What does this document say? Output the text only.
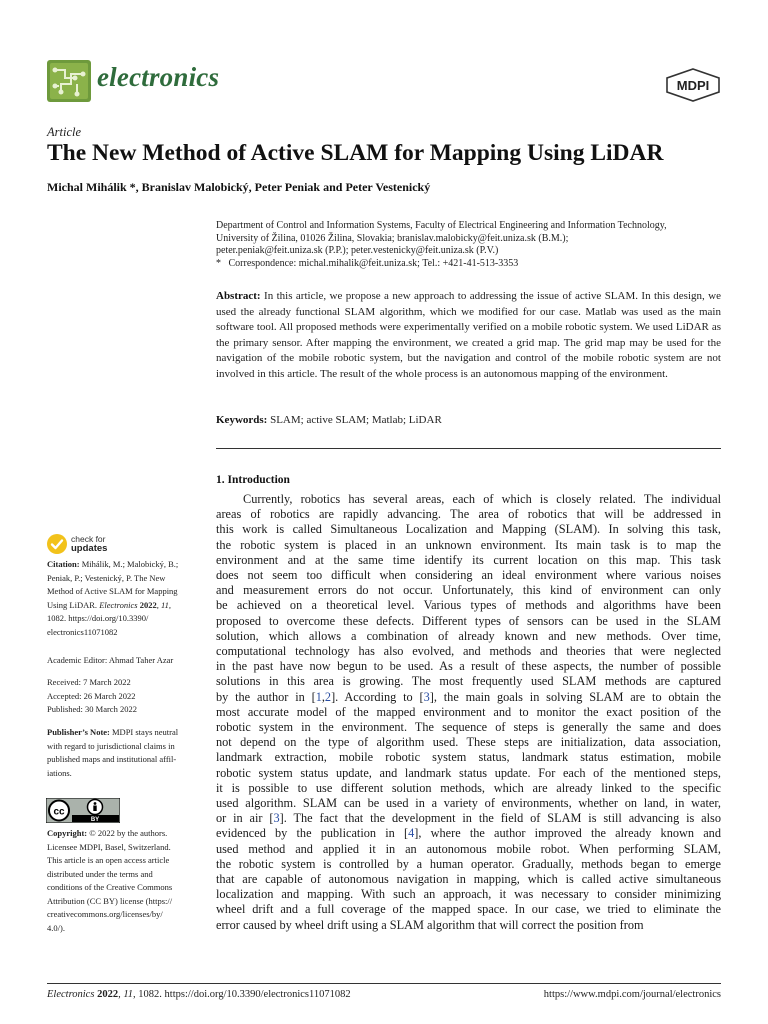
electronics	MDPI
Article
The New Method of Active SLAM for Mapping Using LiDAR
Michal Mihálik *, Branislav Malobický, Peter Peniak and Peter Vestenický
Department of Control and Information Systems, Faculty of Electrical Engineering and Information Technology,
University of Žilina, 01026 Žilina, Slovakia; branislav.malobicky@feit.uniza.sk (B.M.);
peter.peniak@feit.uniza.sk (P.P.); peter.vestenicky@feit.uniza.sk (P.V.)
* Correspondence: michal.mihalik@feit.uniza.sk; Tel.: +421-41-513-3353
Abstract: In this article, we propose a new approach to addressing the issue of active SLAM. In this design, we used the already functional SLAM algorithm, which we modified for our case. Matlab was used as the main software tool. All proposed methods were experimentally verified on a mobile robotic system. We used LiDAR as the primary sensor. After mapping the environment, we created a grid map. The grid map may be used for the navigation of the mobile robotic system, but the navigation and control of the mobile robotic system are not involved in this article. The result of the whole process is an autonomous mapping of the environment.
Keywords: SLAM; active SLAM; Matlab; LiDAR
1. Introduction
Currently, robotics has several areas, each of which is closely related. The individual
areas of robotics are rapidly advancing. The area of robotics that will be addressed in
this work is called Simultaneous Localization and Mapping (SLAM). In solving this task,
the robotic system is placed in an unknown environment. Its main task is to map the
environment and at the same time identify its current location on this map. This task
does not seem too difficult when considering an ideal environment where various noises
and measurement errors do not occur. Unfortunately, this kind of environment can only
be achieved on a theoretical level. Various types of methods and algorithms have been
proposed to overcome these defects. Different types of sensors can be used in the SLAM
solution, which allows a combination of already known and new methods. Over time,
computational technology has also evolved, and methods and theories that were neglected
in the past have now begun to be used. As a result of these aspects, the number of possible
solutions in this area is growing. The most frequently used SLAM methods are captured
by the author in [1,2]. According to [3], the main goals in solving SLAM are to obtain the
most accurate model of the mapped environment and to monitor the exact position of the
robotic system in the environment. The sequence of steps is generally the same and does
not depend on the type of algorithm used. These steps are initialization, data association,
landmark extraction, mobile robotic system status, landmark status estimation, mobile
robotic system status update, and landmark status update. For each of the mentioned steps,
it is possible to use different solution methods, which are already linked to the specific
used algorithm. SLAM can be used in a variety of environments, whether on land, in water,
or in air [3]. The fact that the development in the field of SLAM is still advancing is also
evidenced by the publication in [4], where the author improved the already known and
used method and applied it in an autonomous mobile robot. When performing SLAM,
the robotic system is controlled by a human operator. Gradually, methods began to emerge
that are capable of autonomous navigation in mapping, which is called active simultaneous
localization and mapping. With such an approach, it was necessary to consider minimizing
wheel drift and a full coverage of the mapped space. In our case, we tried to eliminate the
error caused by wheel drift using a SLAM algorithm that will correct the position from
check for
updates
Citation: Mihálik, M.; Malobický, B.;
Peniak, P.; Vestenický, P. The New
Method of Active SLAM for Mapping
Using LiDAR. Electronics 2022, 11,
1082. https://doi.org/10.3390/
electronics11071082
Academic Editor: Ahmad Taher Azar
Received: 7 March 2022
Accepted: 26 March 2022
Published: 30 March 2022
Publisher’s Note: MDPI stays neutral
with regard to jurisdictional claims in
published maps and institutional affil-
iations.
cc
BY
Copyright: © 2022 by the authors.
Licensee MDPI, Basel, Switzerland.
This article is an open access article
distributed under the terms and
conditions of the Creative Commons
Attribution (CC BY) license (https://
creativecommons.org/licenses/by/
4.0/).
Electronics 2022, 11, 1082. https://doi.org/10.3390/electronics11071082	https://www.mdpi.com/journal/electronics
